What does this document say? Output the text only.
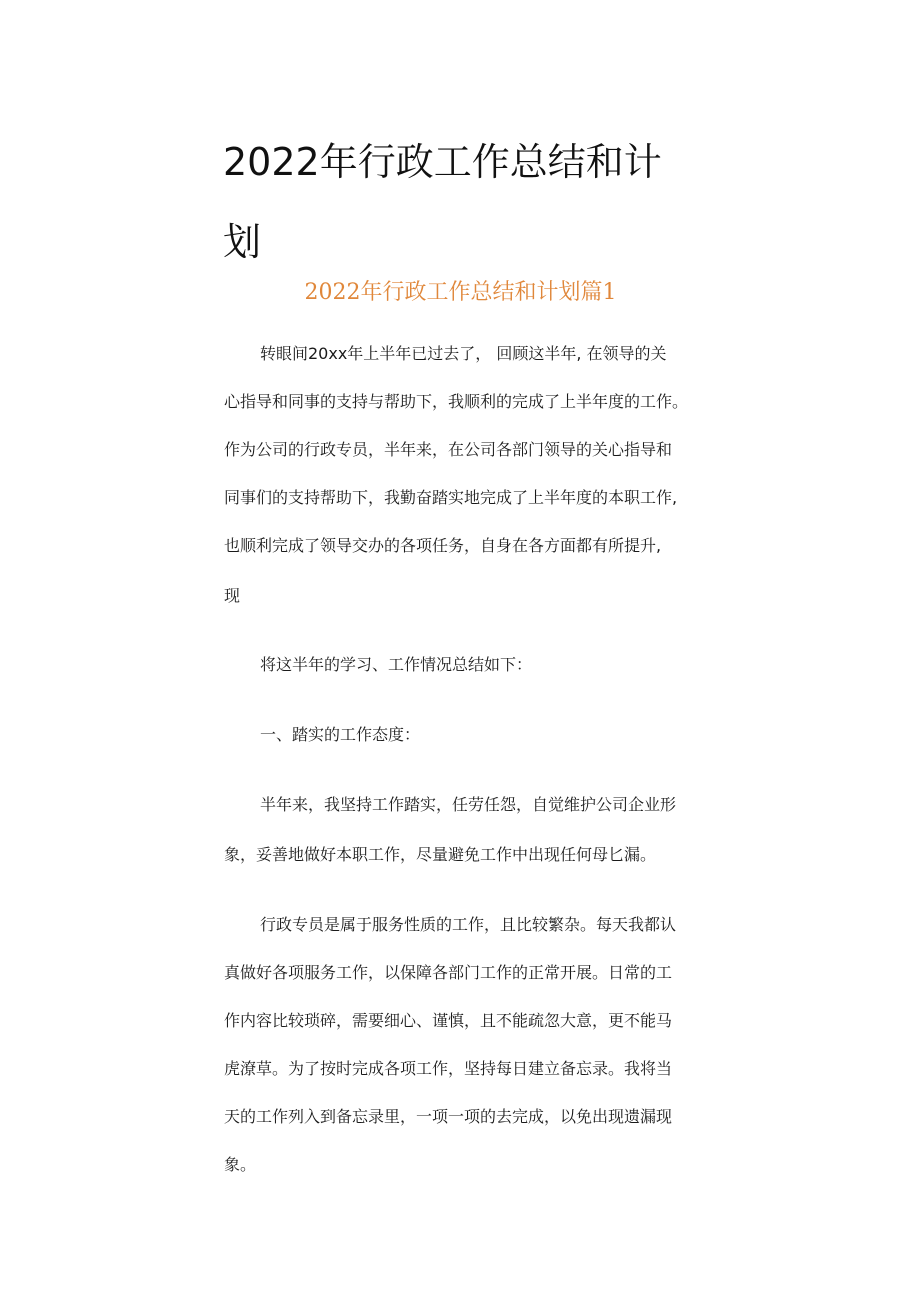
2022年行政工作总结和计
划
2022年行政工作总结和计划篇1

转眼间20xx年上半年已过去了， 回顾这半年, 在领导的关

心指导和同事的支持与帮助下，我顺利的完成了上半年度的工作。

作为公司的行政专员，半年来，在公司各部门领导的关心指导和

同事们的支持帮助下，我勤奋踏实地完成了上半年度的本职工作,

也顺利完成了领导交办的各项任务，自身在各方面都有所提升,

现

将这半年的学习、工作情况总结如下：

一、踏实的工作态度：

半年来，我坚持工作踏实，任劳任怨，自觉维护公司企业形

象，妥善地做好本职工作，尽量避免工作中出现任何母匕漏。

行政专员是属于服务性质的工作，且比较繁杂。每天我都认

真做好各项服务工作，以保障各部门工作的正常开展。日常的工

作内容比较琐碎，需要细心、谨慎，且不能疏忽大意，更不能马

虎潦草。为了按时完成各项工作，坚持每日建立备忘录。我将当

天的工作列入到备忘录里，一项一项的去完成，以免出现遗漏现

象。
